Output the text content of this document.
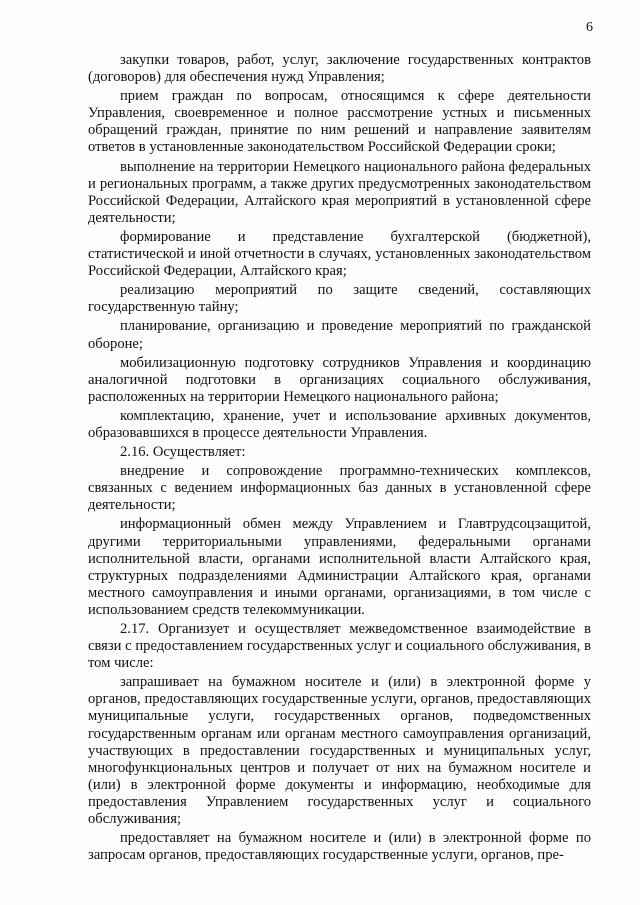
6

закупки товаров, работ, услуг, заключение государственных контрактов (договоров) для обеспечения нужд Управления;

прием граждан по вопросам, относящимся к сфере деятельности Управления, своевременное и полное рассмотрение устных и письменных обращений граждан, принятие по ним решений и направление заявителям ответов в установленные законодательством Российской Федерации сроки;

выполнение на территории Немецкого национального района федеральных и региональных программ, а также других предусмотренных законодательством Российской Федерации, Алтайского края мероприятий в установленной сфере деятельности;

формирование и представление бухгалтерской (бюджетной), статистической и иной отчетности в случаях, установленных законодательством Российской Федерации, Алтайского края;

реализацию мероприятий по защите сведений, составляющих государственную тайну;

планирование, организацию и проведение мероприятий по гражданской обороне;

мобилизационную подготовку сотрудников Управления и координацию аналогичной подготовки в организациях социального обслуживания, расположенных на территории Немецкого национального района;

комплектацию, хранение, учет и использование архивных документов, образовавшихся в процессе деятельности Управления.

2.16. Осуществляет:

внедрение и сопровождение программно-технических комплексов, связанных с ведением информационных баз данных в установленной сфере деятельности;

информационный обмен между Управлением и Главтрудсоцзащитой, другими территориальными управлениями, федеральными органами исполнительной власти, органами исполнительной власти Алтайского края, структурных подразделениями Администрации Алтайского края, органами местного самоуправления и иными органами, организациями, в том числе с использованием средств телекоммуникации.

2.17. Организует и осуществляет межведомственное взаимодействие в связи с предоставлением государственных услуг и социального обслуживания, в том числе:

запрашивает на бумажном носителе и (или) в электронной форме у органов, предоставляющих государственные услуги, органов, предоставляющих муниципальные услуги, государственных органов, подведомственных государственным органам или органам местного самоуправления организаций, участвующих в предоставлении государственных и муниципальных услуг, многофункциональных центров и получает от них на бумажном носителе и (или) в электронной форме документы и информацию, необходимые для предоставления Управлением государственных услуг и социального обслуживания;

предоставляет на бумажном носителе и (или) в электронной форме по запросам органов, предоставляющих государственные услуги, органов, пре-
